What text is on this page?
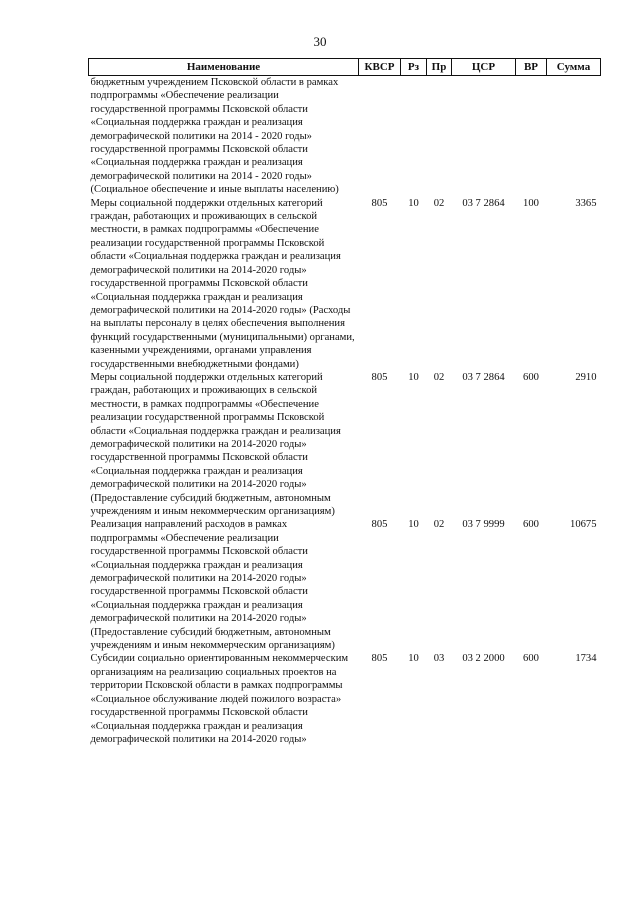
30
Наименование	КВСР	Рз	Пр	ЦСР	ВР	Сумма
бюджетным учреждением Псковской области в рамках подпрограммы «Обеспечение реализации государственной программы Псковской области «Социальная поддержка граждан и реализация демографической политики на 2014 - 2020 годы» государственной программы Псковской области «Социальная поддержка граждан и реализация демографической политики на 2014 - 2020 годы» (Социальное обеспечение и иные выплаты населению)						
Меры социальной поддержки отдельных категорий граждан, работающих и проживающих в сельской местности, в рамках подпрограммы «Обеспечение реализации государственной программы Псковской области «Социальная поддержка граждан и реализация демографической политики на 2014-2020 годы» государственной программы Псковской области «Социальная поддержка граждан и реализация демографической политики на 2014-2020 годы» (Расходы на выплаты персоналу в целях обеспечения выполнения функций государственными (муниципальными) органами, казенными учреждениями, органами управления государственными внебюджетными фондами)	805	10	02	03 7 2864	100	3365
Меры социальной поддержки отдельных категорий граждан, работающих и проживающих в сельской местности, в рамках подпрограммы «Обеспечение реализации государственной программы Псковской области «Социальная поддержка граждан и реализация демографической политики на 2014-2020 годы» государственной программы Псковской области «Социальная поддержка граждан и реализация демографической политики на 2014-2020 годы» (Предоставление субсидий бюджетным, автономным учреждениям и иным некоммерческим организациям)	805	10	02	03 7 2864	600	2910
Реализация направлений расходов в рамках подпрограммы «Обеспечение реализации государственной программы Псковской области «Социальная поддержка граждан и реализация демографической политики на 2014-2020 годы» государственной программы Псковской области «Социальная поддержка граждан и реализация демографической политики на 2014-2020 годы» (Предоставление субсидий бюджетным, автономным учреждениям и иным некоммерческим организациям)	805	10	02	03 7 9999	600	10675
Субсидии социально ориентированным некоммерческим организациям на реализацию социальных проектов на территории Псковской области в рамках подпрограммы «Социальное обслуживание людей пожилого возраста» государственной программы Псковской области «Социальная поддержка граждан и реализация демографической политики на 2014-2020 годы»	805	10	03	03 2 2000	600	1734
